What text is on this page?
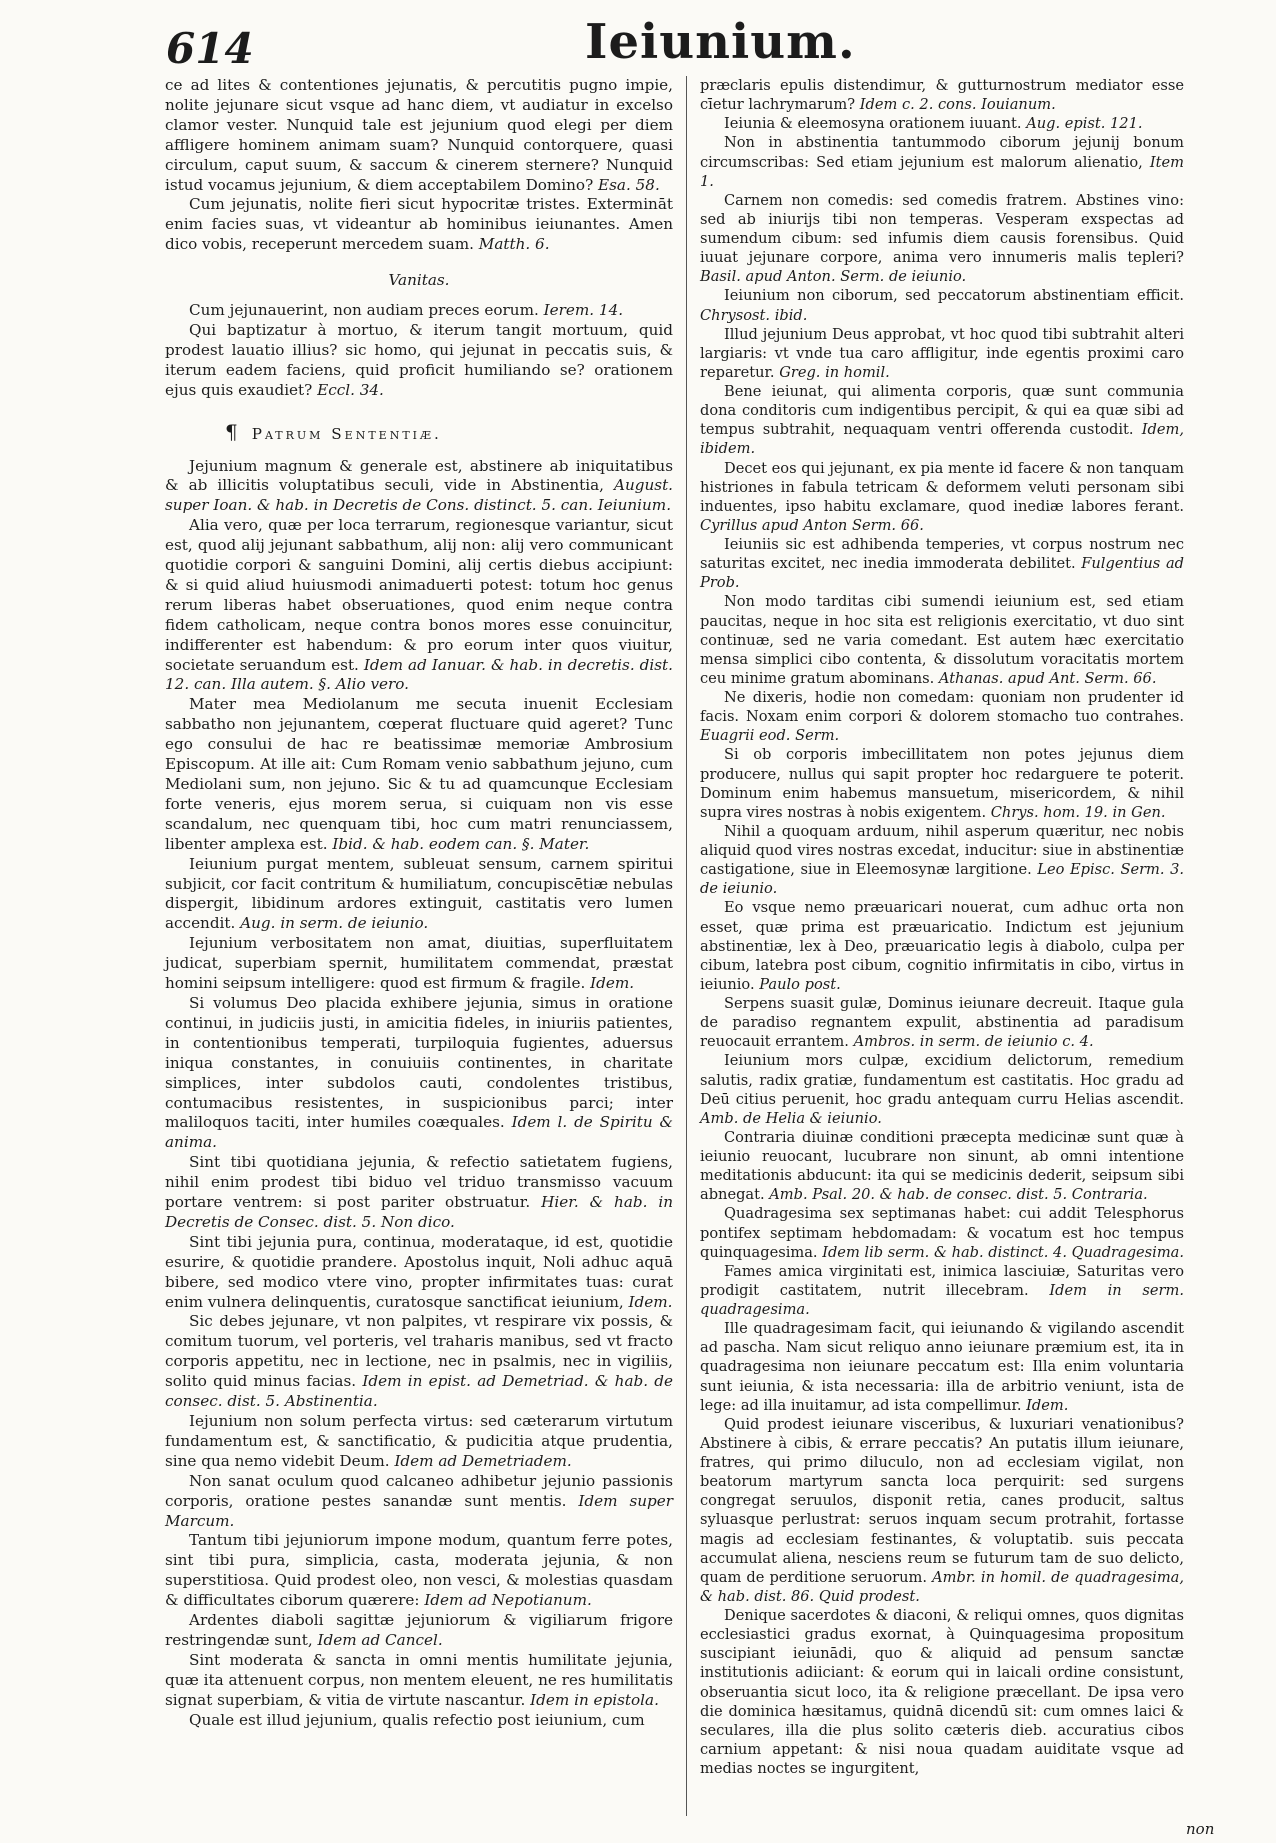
614	Ieiunium.

ce ad lites & contentiones jejunatis, & percutitis pugno impie, nolite jejunare sicut vsque ad hanc diem, vt audiatur in excelso clamor vester. Nunquid tale est jejunium quod elegi per diem affligere hominem animam suam? Nunquid contorquere, quasi circulum, caput suum, & saccum & cinerem sternere? Nunquid istud vocamus jejunium, & diem acceptabilem Domino? Esa. 58.

Cum jejunatis, nolite fieri sicut hypocritæ tristes. Extermināt enim facies suas, vt videantur ab hominibus ieiunantes. Amen dico vobis, receperunt mercedem suam. Matth. 6.

Vanitas.

Cum jejunauerint, non audiam preces eorum. Ierem. 14.

Qui baptizatur à mortuo, & iterum tangit mortuum, quid prodest lauatio illius? sic homo, qui jejunat in peccatis suis, & iterum eadem faciens, quid proficit humiliando se? orationem ejus quis exaudiet? Eccl. 34.

¶ Patrum Sententiæ.

Jejunium magnum & generale est, abstinere ab iniquitatibus & ab illicitis voluptatibus seculi, vide in Abstinentia, August. super Ioan. & hab. in Decretis de Cons. distinct. 5. can. Ieiunium.

Alia vero, quæ per loca terrarum, regionesque variantur, sicut est, quod alij jejunant sabbathum, alij non: alij vero communicant quotidie corpori & sanguini Domini, alij certis diebus accipiunt: & si quid aliud huiusmodi animaduerti potest: totum hoc genus rerum liberas habet obseruationes, quod enim neque contra fidem catholicam, neque contra bonos mores esse conuincitur, indifferenter est habendum: & pro eorum inter quos viuitur, societate seruandum est. Idem ad Ianuar. & hab. in decretis. dist. 12. can. Illa autem. §. Alio vero.

Mater mea Mediolanum me secuta inuenit Ecclesiam sabbatho non jejunantem, cœperat fluctuare quid ageret? Tunc ego consului de hac re beatissimæ memoriæ Ambrosium Episcopum. At ille ait: Cum Romam venio sabbathum jejuno, cum Mediolani sum, non jejuno. Sic & tu ad quamcunque Ecclesiam forte veneris, ejus morem serua, si cuiquam non vis esse scandalum, nec quenquam tibi, hoc cum matri renunciassem, libenter amplexa est. Ibid. & hab. eodem can. §. Mater.

Ieiunium purgat mentem, subleuat sensum, carnem spiritui subjicit, cor facit contritum & humiliatum, concupiscētiæ nebulas dispergit, libidinum ardores extinguit, castitatis vero lumen accendit. Aug. in serm. de ieiunio.

Iejunium verbositatem non amat, diuitias, superfluitatem judicat, superbiam spernit, humilitatem commendat, præstat homini seipsum intelligere: quod est firmum & fragile. Idem.

Si volumus Deo placida exhibere jejunia, simus in oratione continui, in judiciis justi, in amicitia fideles, in iniuriis patientes, in contentionibus temperati, turpiloquia fugientes, aduersus iniqua constantes, in conuiuiis continentes, in charitate simplices, inter subdolos cauti, condolentes tristibus, contumacibus resistentes, in suspicionibus parci; inter maliloquos taciti, inter humiles coæquales. Idem l. de Spiritu & anima.

Sint tibi quotidiana jejunia, & refectio satietatem fugiens, nihil enim prodest tibi biduo vel triduo transmisso vacuum portare ventrem: si post pariter obstruatur. Hier. & hab. in Decretis de Consec. dist. 5. Non dico.

Sint tibi jejunia pura, continua, moderataque, id est, quotidie esurire, & quotidie prandere. Apostolus inquit, Noli adhuc aquā bibere, sed modico vtere vino, propter infirmitates tuas: curat enim vulnera delinquentis, curatosque sanctificat ieiunium, Idem.

Sic debes jejunare, vt non palpites, vt respirare vix possis, & comitum tuorum, vel porteris, vel traharis manibus, sed vt fracto corporis appetitu, nec in lectione, nec in psalmis, nec in vigiliis, solito quid minus facias. Idem in epist. ad Demetriad. & hab. de consec. dist. 5. Abstinentia.

Iejunium non solum perfecta virtus: sed cæterarum virtutum fundamentum est, & sanctificatio, & pudicitia atque prudentia, sine qua nemo videbit Deum. Idem ad Demetriadem.

Non sanat oculum quod calcaneo adhibetur jejunio passionis corporis, oratione pestes sanandæ sunt mentis. Idem super Marcum.

Tantum tibi jejuniorum impone modum, quantum ferre potes, sint tibi pura, simplicia, casta, moderata jejunia, & non superstitiosa. Quid prodest oleo, non vesci, & molestias quasdam & difficultates ciborum quærere: Idem ad Nepotianum.

Ardentes diaboli sagittæ jejuniorum & vigiliarum frigore restringendæ sunt, Idem ad Cancel.

Sint moderata & sancta in omni mentis humilitate jejunia, quæ ita attenuent corpus, non mentem eleuent, ne res humilitatis signat superbiam, & vitia de virtute nascantur. Idem in epistola.

Quale est illud jejunium, qualis refectio post ieiunium, cum

præclaris epulis distendimur, & gutturnostrum mediator esse cīetur lachrymarum? Idem c. 2. cons. Iouianum.

Ieiunia & eleemosyna orationem iuuant. Aug. epist. 121.

Non in abstinentia tantummodo ciborum jejunij bonum circumscribas: Sed etiam jejunium est malorum alienatio, Item 1.

Carnem non comedis: sed comedis fratrem. Abstines vino: sed ab iniurijs tibi non temperas. Vesperam exspectas ad sumendum cibum: sed infumis diem causis forensibus. Quid iuuat jejunare corpore, anima vero innumeris malis tepleri? Basil. apud Anton. Serm. de ieiunio.

Ieiunium non ciborum, sed peccatorum abstinentiam efficit. Chrysost. ibid.

Illud jejunium Deus approbat, vt hoc quod tibi subtrahit alteri largiaris: vt vnde tua caro affligitur, inde egentis proximi caro reparetur. Greg. in homil.

Bene ieiunat, qui alimenta corporis, quæ sunt communia dona conditoris cum indigentibus percipit, & qui ea quæ sibi ad tempus subtrahit, nequaquam ventri offerenda custodit. Idem, ibidem.

Decet eos qui jejunant, ex pia mente id facere & non tanquam histriones in fabula tetricam & deformem veluti personam sibi induentes, ipso habitu exclamare, quod inediæ labores ferant. Cyrillus apud Anton Serm. 66.

Ieiuniis sic est adhibenda temperies, vt corpus nostrum nec saturitas excitet, nec inedia immoderata debilitet. Fulgentius ad Prob.

Non modo tarditas cibi sumendi ieiunium est, sed etiam paucitas, neque in hoc sita est religionis exercitatio, vt duo sint continuæ, sed ne varia comedant. Est autem hæc exercitatio mensa simplici cibo contenta, & dissolutum voracitatis mortem ceu minime gratum abominans. Athanas. apud Ant. Serm. 66.

Ne dixeris, hodie non comedam: quoniam non prudenter id facis. Noxam enim corpori & dolorem stomacho tuo contrahes. Euagrii eod. Serm.

Si ob corporis imbecillitatem non potes jejunus diem producere, nullus qui sapit propter hoc redarguere te poterit. Dominum enim habemus mansuetum, misericordem, & nihil supra vires nostras à nobis exigentem. Chrys. hom. 19. in Gen.

Nihil a quoquam arduum, nihil asperum quæritur, nec nobis aliquid quod vires nostras excedat, inducitur: siue in abstinentiæ castigatione, siue in Eleemosynæ largitione. Leo Episc. Serm. 3. de ieiunio.

Eo vsque nemo præuaricari nouerat, cum adhuc orta non esset, quæ prima est præuaricatio. Indictum est jejunium abstinentiæ, lex à Deo, præuaricatio legis à diabolo, culpa per cibum, latebra post cibum, cognitio infirmitatis in cibo, virtus in ieiunio. Paulo post.

Serpens suasit gulæ, Dominus ieiunare decreuit. Itaque gula de paradiso regnantem expulit, abstinentia ad paradisum reuocauit errantem. Ambros. in serm. de ieiunio c. 4.

Ieiunium mors culpæ, excidium delictorum, remedium salutis, radix gratiæ, fundamentum est castitatis. Hoc gradu ad Deū citius peruenit, hoc gradu antequam curru Helias ascendit. Amb. de Helia & ieiunio.

Contraria diuinæ conditioni præcepta medicinæ sunt quæ à ieiunio reuocant, lucubrare non sinunt, ab omni intentione meditationis abducunt: ita qui se medicinis dederit, seipsum sibi abnegat. Amb. Psal. 20. & hab. de consec. dist. 5. Contraria.

Quadragesima sex septimanas habet: cui addit Telesphorus pontifex septimam hebdomadam: & vocatum est hoc tempus quinquagesima. Idem lib serm. & hab. distinct. 4. Quadragesima.

Fames amica virginitati est, inimica lasciuiæ, Saturitas vero prodigit castitatem, nutrit illecebram. Idem in serm. quadragesima.

Ille quadragesimam facit, qui ieiunando & vigilando ascendit ad pascha. Nam sicut reliquo anno ieiunare præmium est, ita in quadragesima non ieiunare peccatum est: Illa enim voluntaria sunt ieiunia, & ista necessaria: illa de arbitrio veniunt, ista de lege: ad illa inuitamur, ad ista compellimur. Idem.

Quid prodest ieiunare visceribus, & luxuriari venationibus? Abstinere à cibis, & errare peccatis? An putatis illum ieiunare, fratres, qui primo diluculo, non ad ecclesiam vigilat, non beatorum martyrum sancta loca perquirit: sed surgens congregat seruulos, disponit retia, canes producit, saltus syluasque perlustrat: seruos inquam secum protrahit, fortasse magis ad ecclesiam festinantes, & voluptatib. suis peccata accumulat aliena, nesciens reum se futurum tam de suo delicto, quam de perditione seruorum. Ambr. in homil. de quadragesima, & hab. dist. 86. Quid prodest.

Denique sacerdotes & diaconi, & reliqui omnes, quos dignitas ecclesiastici gradus exornat, à Quinquagesima propositum suscipiant ieiunādi, quo & aliquid ad pensum sanctæ institutionis adiiciant: & eorum qui in laicali ordine consistunt, obseruantia sicut loco, ita & religione præcellant. De ipsa vero die dominica hæsitamus, quidnā dicendū sit: cum omnes laici & seculares, illa die plus solito cæteris dieb. accuratius cibos carnium appetant: & nisi noua quadam auiditate vsque ad medias noctes se ingurgitent,

non
